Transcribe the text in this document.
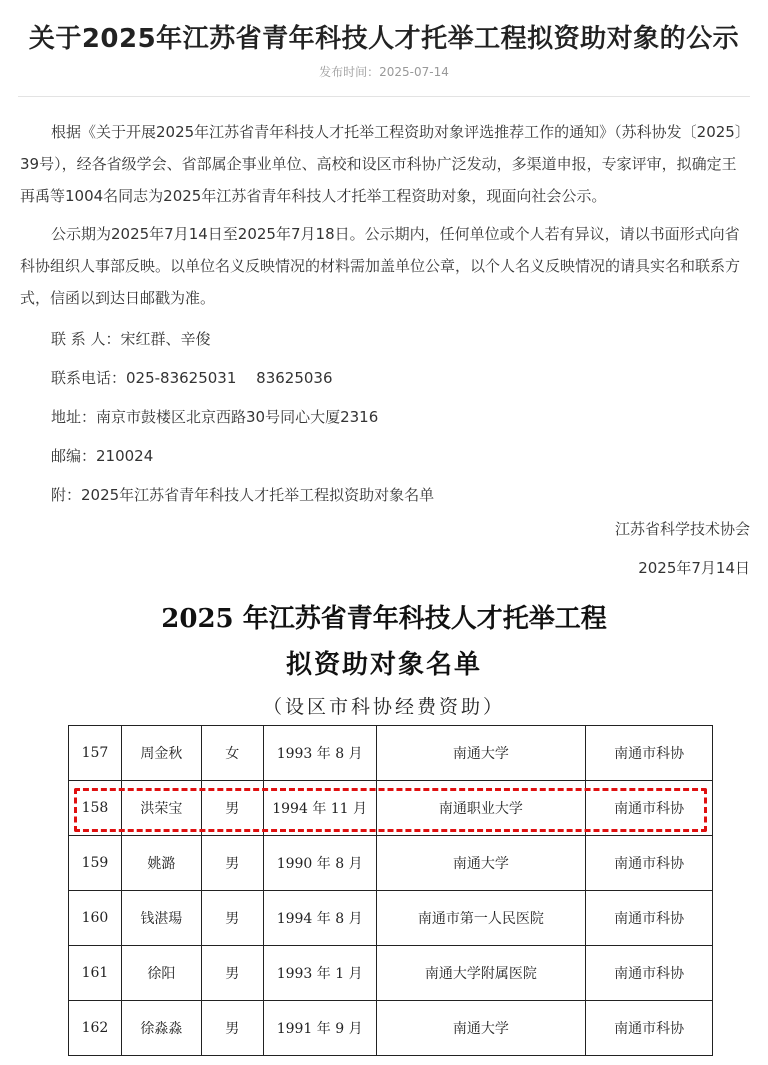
关于2025年江苏省青年科技人才托举工程拟资助对象的公示
发布时间：2025-07-14

根据《关于开展2025年江苏省青年科技人才托举工程资助对象评选推荐工作的通知》（苏科协发〔2025〕39号），经各省级学会、省部属企事业单位、高校和设区市科协广泛发动，多渠道申报，专家评审，拟确定王再禹等1004名同志为2025年江苏省青年科技人才托举工程资助对象，现面向社会公示。

公示期为2025年7月14日至2025年7月18日。公示期内，任何单位或个人若有异议，请以书面形式向省科协组织人事部反映。以单位名义反映情况的材料需加盖单位公章，以个人名义反映情况的请具实名和联系方式，信函以到达日邮戳为准。

联 系 人：宋红群、辛俊

联系电话：025-83625031　 83625036

地址：南京市鼓楼区北京西路30号同心大厦2316

邮编：210024

附：2025年江苏省青年科技人才托举工程拟资助对象名单

江苏省科学技术协会
2025年7月14日
2025 年江苏省青年科技人才托举工程
拟资助对象名单
（设区市科协经费资助）
157	周金秋	女	1993 年 8 月	南通大学	南通市科协
158	洪荣宝	男	1994 年 11 月	南通职业大学	南通市科协
159	姚潞	男	1990 年 8 月	南通大学	南通市科协
160	钱湛瑒	男	1994 年 8 月	南通市第一人民医院	南通市科协
161	徐阳	男	1993 年 1 月	南通大学附属医院	南通市科协
162	徐淼淼	男	1991 年 9 月	南通大学	南通市科协
